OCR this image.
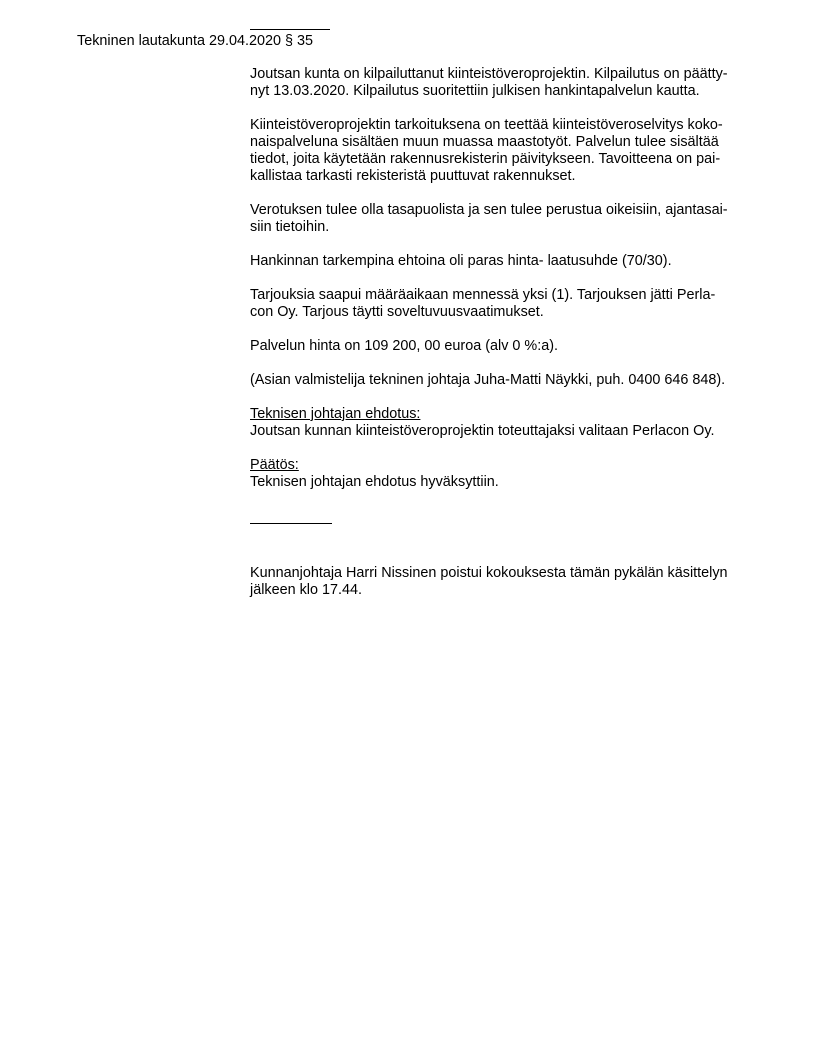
Tekninen lautakunta 29.04.2020 § 35
Joutsan kunta on kilpailuttanut kiinteistöveroprojektin. Kilpailutus on päätty-
nyt 13.03.2020. Kilpailutus suoritettiin julkisen hankintapalvelun kautta.
Kiinteistöveroprojektin tarkoituksena on teettää kiinteistöveroselvitys koko-
naispalveluna sisältäen muun muassa maastotyöt. Palvelun tulee sisältää
tiedot, joita käytetään rakennusrekisterin päivitykseen. Tavoitteena on pai-
kallistaa tarkasti rekisteristä puuttuvat rakennukset.
Verotuksen tulee olla tasapuolista ja sen tulee perustua oikeisiin, ajantasai-
siin tietoihin.
Hankinnan tarkempina ehtoina oli paras hinta- laatusuhde (70/30).
Tarjouksia saapui määräaikaan mennessä yksi (1). Tarjouksen jätti Perla-
con Oy. Tarjous täytti soveltuvuusvaatimukset.
Palvelun hinta on 109 200, 00 euroa (alv 0 %:a).
(Asian valmistelija tekninen johtaja Juha-Matti Näykki, puh. 0400 646 848).
Teknisen johtajan ehdotus:
Joutsan kunnan kiinteistöveroprojektin toteuttajaksi valitaan Perlacon Oy.
Päätös:
Teknisen johtajan ehdotus hyväksyttiin.
Kunnanjohtaja Harri Nissinen poistui kokouksesta tämän pykälän käsittelyn
jälkeen klo 17.44.
